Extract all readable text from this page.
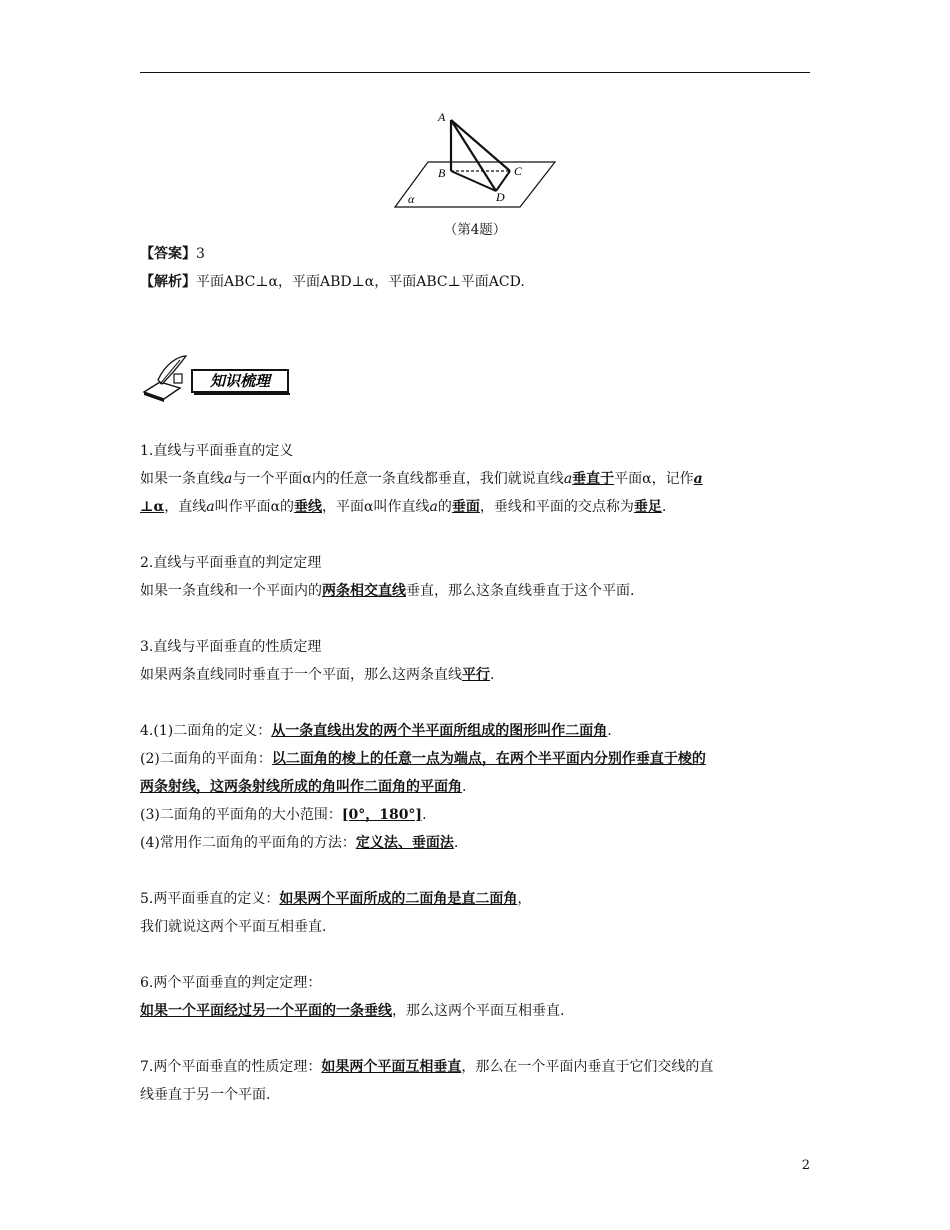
A
B	C
D
α
（第4题）
【答案】3
【解析】平面ABC⊥α，平面ABD⊥α，平面ABC⊥平面ACD.
知识梳理
1.直线与平面垂直的定义
如果一条直线a与一个平面α内的任意一条直线都垂直，我们就说直线a垂直于平面α，记作a
⊥α，直线a叫作平面α的垂线，平面α叫作直线a的垂面，垂线和平面的交点称为垂足.
2.直线与平面垂直的判定定理
如果一条直线和一个平面内的两条相交直线垂直，那么这条直线垂直于这个平面.
3.直线与平面垂直的性质定理
如果两条直线同时垂直于一个平面，那么这两条直线平行.
4.(1)二面角的定义：从一条直线出发的两个半平面所组成的图形叫作二面角.
(2)二面角的平面角：以二面角的棱上的任意一点为端点，在两个半平面内分别作垂直于棱的
两条射线，这两条射线所成的角叫作二面角的平面角.
(3)二面角的平面角的大小范围：[0°，180°].
(4)常用作二面角的平面角的方法：定义法、垂面法.
5.两平面垂直的定义：如果两个平面所成的二面角是直二面角，
我们就说这两个平面互相垂直.
6.两个平面垂直的判定定理：
如果一个平面经过另一个平面的一条垂线，那么这两个平面互相垂直.
7.两个平面垂直的性质定理：如果两个平面互相垂直，那么在一个平面内垂直于它们交线的直
线垂直于另一个平面.
2
